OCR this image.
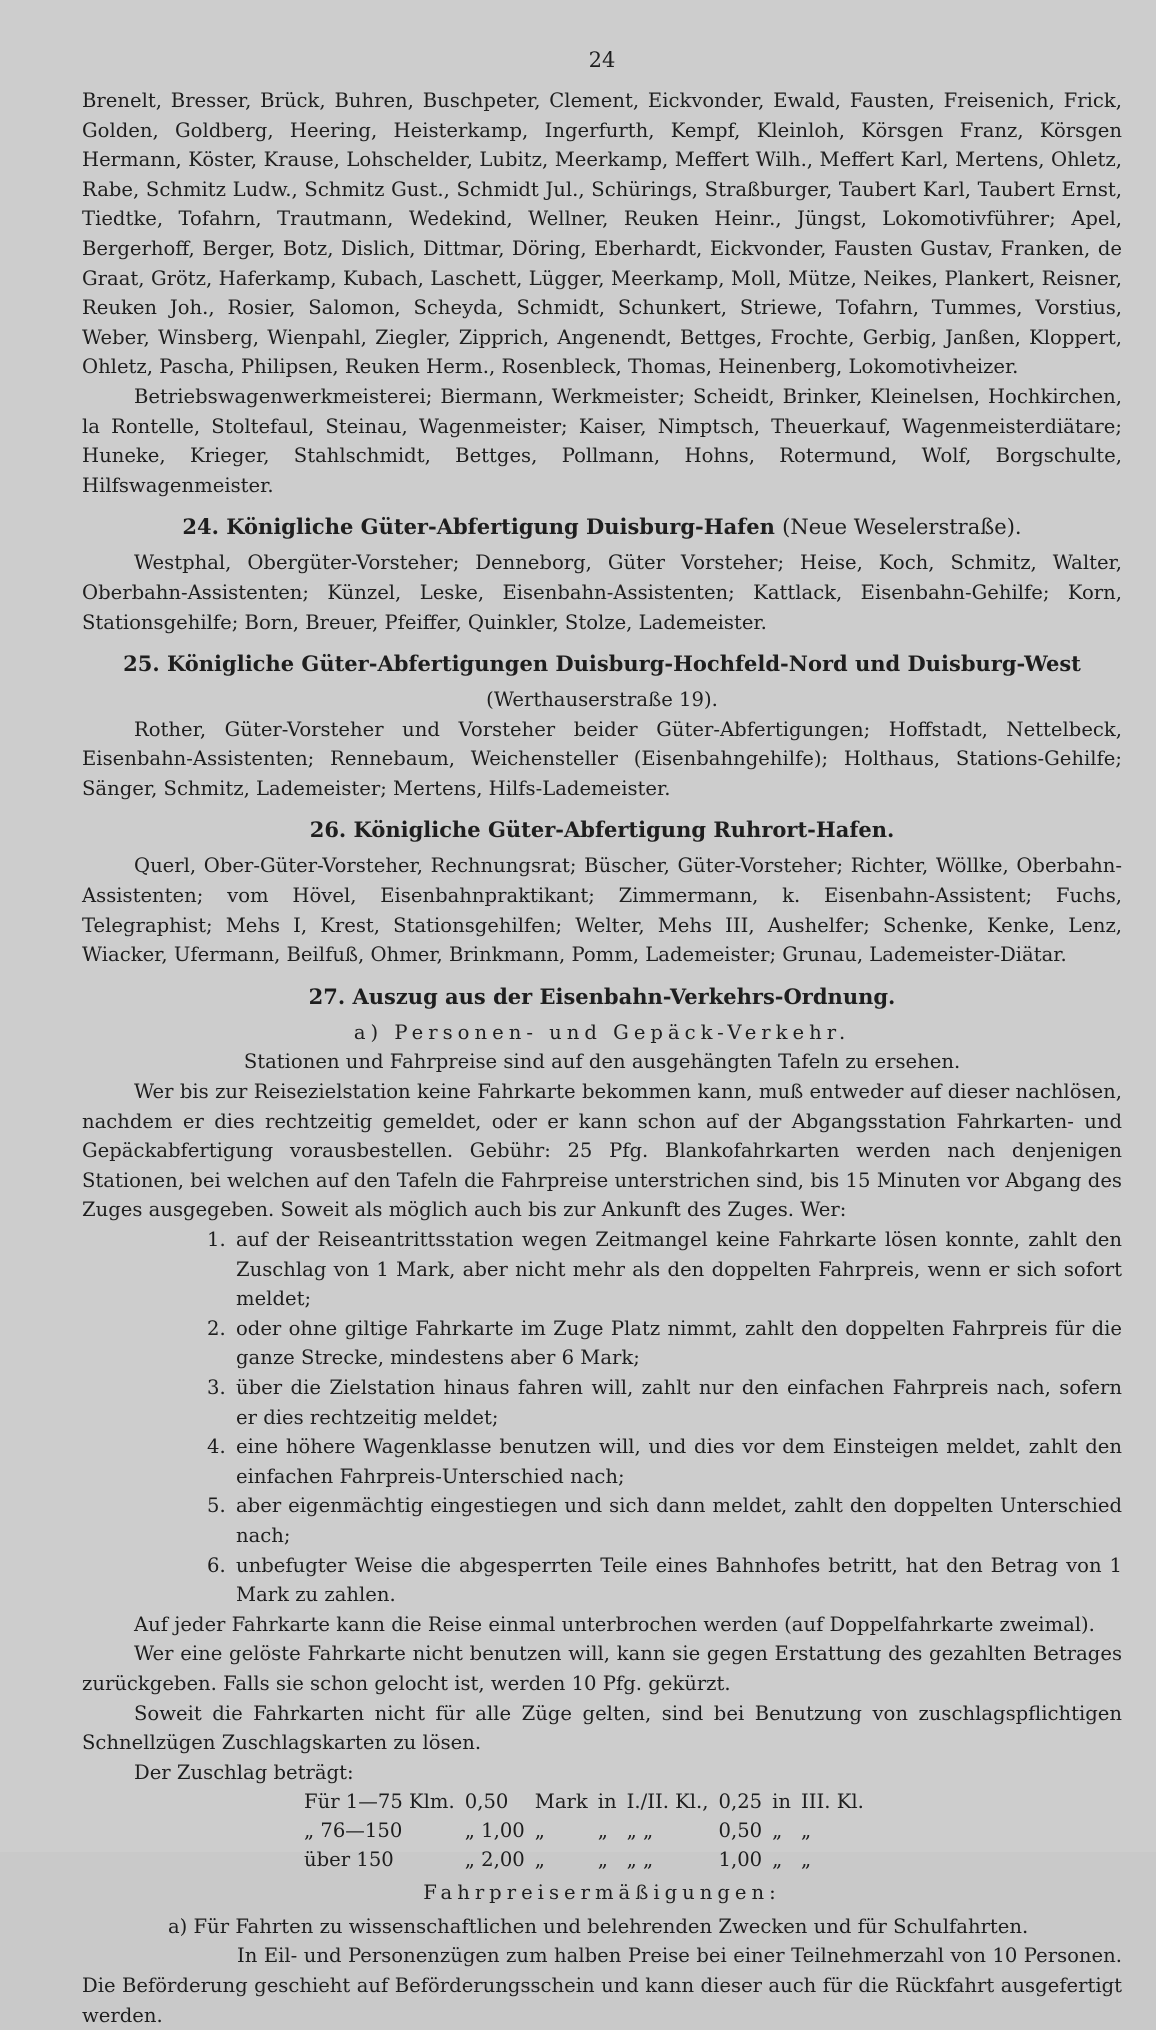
24

Brenelt, Bresser, Brück, Buhren, Buschpeter, Clement, Eickvonder, Ewald, Fausten, Freisenich, Frick, Golden, Goldberg, Heering, Heisterkamp, Ingerfurth, Kempf, Kleinloh, Körsgen Franz, Körsgen Hermann, Köster, Krause, Lohschelder, Lubitz, Meerkamp, Meffert Wilh., Meffert Karl, Mertens, Ohletz, Rabe, Schmitz Ludw., Schmitz Gust., Schmidt Jul., Schürings, Straßburger, Taubert Karl, Taubert Ernst, Tiedtke, Tofahrn, Trautmann, Wedekind, Wellner, Reuken Heinr., Jüngst, Lokomotivführer; Apel, Bergerhoff, Berger, Botz, Dislich, Dittmar, Döring, Eberhardt, Eickvonder, Fausten Gustav, Franken, de Graat, Grötz, Haferkamp, Kubach, Laschett, Lügger, Meerkamp, Moll, Mütze, Neikes, Plankert, Reisner, Reuken Joh., Rosier, Salomon, Scheyda, Schmidt, Schunkert, Striewe, Tofahrn, Tummes, Vorstius, Weber, Winsberg, Wienpahl, Ziegler, Zipprich, Angenendt, Bettges, Frochte, Gerbig, Janßen, Kloppert, Ohletz, Pascha, Philipsen, Reuken Herm., Rosenbleck, Thomas, Heinenberg, Lokomotivheizer.

Betriebswagenwerkmeisterei; Biermann, Werkmeister; Scheidt, Brinker, Kleinelsen, Hochkirchen, la Rontelle, Stoltefaul, Steinau, Wagenmeister; Kaiser, Nimptsch, Theuerkauf, Wagenmeisterdiätare; Huneke, Krieger, Stahlschmidt, Bettges, Pollmann, Hohns, Rotermund, Wolf, Borgschulte, Hilfswagenmeister.

24. Königliche Güter-Abfertigung Duisburg-Hafen (Neue Weselerstraße).

Westphal, Obergüter-Vorsteher; Denneborg, Güter Vorsteher; Heise, Koch, Schmitz, Walter, Oberbahn-Assistenten; Künzel, Leske, Eisenbahn-Assistenten; Kattlack, Eisenbahn-Gehilfe; Korn, Stationsgehilfe; Born, Breuer, Pfeiffer, Quinkler, Stolze, Lademeister.

25. Königliche Güter-Abfertigungen Duisburg-Hochfeld-Nord und Duisburg-West

(Werthauserstraße 19).

Rother, Güter-Vorsteher und Vorsteher beider Güter-Abfertigungen; Hoffstadt, Nettelbeck, Eisenbahn-Assistenten; Rennebaum, Weichensteller (Eisenbahngehilfe); Holthaus, Stations-Gehilfe; Sänger, Schmitz, Lademeister; Mertens, Hilfs-Lademeister.

26. Königliche Güter-Abfertigung Ruhrort-Hafen.

Querl, Ober-Güter-Vorsteher, Rechnungsrat; Büscher, Güter-Vorsteher; Richter, Wöllke, Oberbahn-Assistenten; vom Hövel, Eisenbahnpraktikant; Zimmermann, k. Eisenbahn-Assistent; Fuchs, Telegraphist; Mehs I, Krest, Stationsgehilfen; Welter, Mehs III, Aushelfer; Schenke, Kenke, Lenz, Wiacker, Ufermann, Beilfuß, Ohmer, Brinkmann, Pomm, Lademeister; Grunau, Lademeister-Diätar.

27. Auszug aus der Eisenbahn-Verkehrs-Ordnung.

a) Personen- und Gepäck-Verkehr.

Stationen und Fahrpreise sind auf den ausgehängten Tafeln zu ersehen.

Wer bis zur Reisezielstation keine Fahrkarte bekommen kann, muß entweder auf dieser nachlösen, nachdem er dies rechtzeitig gemeldet, oder er kann schon auf der Abgangsstation Fahrkarten- und Gepäckabfertigung vorausbestellen. Gebühr: 25 Pfg. Blankofahrkarten werden nach denjenigen Stationen, bei welchen auf den Tafeln die Fahrpreise unterstrichen sind, bis 15 Minuten vor Abgang des Zuges ausgegeben. Soweit als möglich auch bis zur Ankunft des Zuges. Wer:

1. auf der Reiseantrittsstation wegen Zeitmangel keine Fahrkarte lösen konnte, zahlt den Zuschlag von 1 Mark, aber nicht mehr als den doppelten Fahrpreis, wenn er sich sofort meldet;
2. oder ohne giltige Fahrkarte im Zuge Platz nimmt, zahlt den doppelten Fahrpreis für die ganze Strecke, mindestens aber 6 Mark;
3. über die Zielstation hinaus fahren will, zahlt nur den einfachen Fahrpreis nach, sofern er dies rechtzeitig meldet;
4. eine höhere Wagenklasse benutzen will, und dies vor dem Einsteigen meldet, zahlt den einfachen Fahrpreis-Unterschied nach;
5. aber eigenmächtig eingestiegen und sich dann meldet, zahlt den doppelten Unterschied nach;
6. unbefugter Weise die abgesperrten Teile eines Bahnhofes betritt, hat den Betrag von 1 Mark zu zahlen.

Auf jeder Fahrkarte kann die Reise einmal unterbrochen werden (auf Doppelfahrkarte zweimal).

Wer eine gelöste Fahrkarte nicht benutzen will, kann sie gegen Erstattung des gezahlten Betrages zurückgeben. Falls sie schon gelocht ist, werden 10 Pfg. gekürzt.

Soweit die Fahrkarten nicht für alle Züge gelten, sind bei Benutzung von zuschlagspflichtigen Schnellzügen Zuschlagskarten zu lösen.

Der Zuschlag beträgt:

Für 1—75 Klm.	0,50	Mark	in	I./II. Kl.,	0,25	in	III. Kl.
„ 76—150	„ 1,00	„	„	„ „	0,50	„	„
über 150	„ 2,00	„	„	„ „	1,00	„	„

Fahrpreisermäßigungen:

a) Für Fahrten zu wissenschaftlichen und belehrenden Zwecken und für Schulfahrten.

In Eil- und Personenzügen zum halben Preise bei einer Teilnehmerzahl von 10 Personen. Die Beförderung geschieht auf Beförderungsschein und kann dieser auch für die Rückfahrt ausgefertigt werden.
